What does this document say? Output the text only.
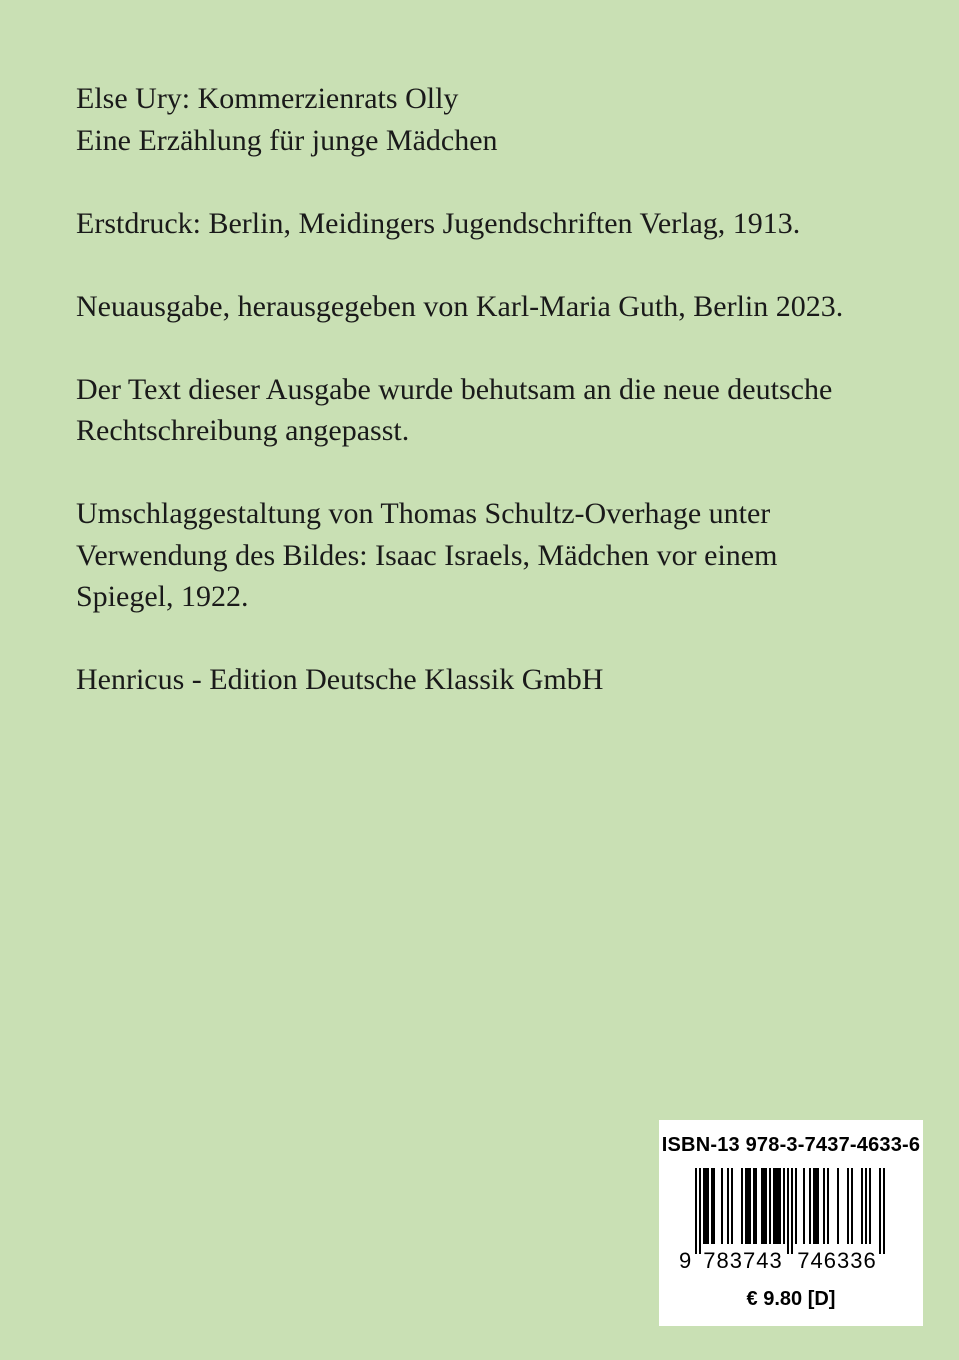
Else Ury: Kommerzienrats Olly
Eine Erzählung für junge Mädchen

Erstdruck: Berlin, Meidingers Jugendschriften Verlag, 1913.

Neuausgabe, herausgegeben von Karl-Maria Guth, Berlin 2023.

Der Text dieser Ausgabe wurde behutsam an die neue deutsche
Rechtschreibung angepasst.

Umschlaggestaltung von Thomas Schultz-Overhage unter
Verwendung des Bildes: Isaac Israels, Mädchen vor einem
Spiegel, 1922.

Henricus - Edition Deutsche Klassik GmbH

ISBN-13 978-3-7437-4633-6
9 783743 746336
€ 9.80 [D]
